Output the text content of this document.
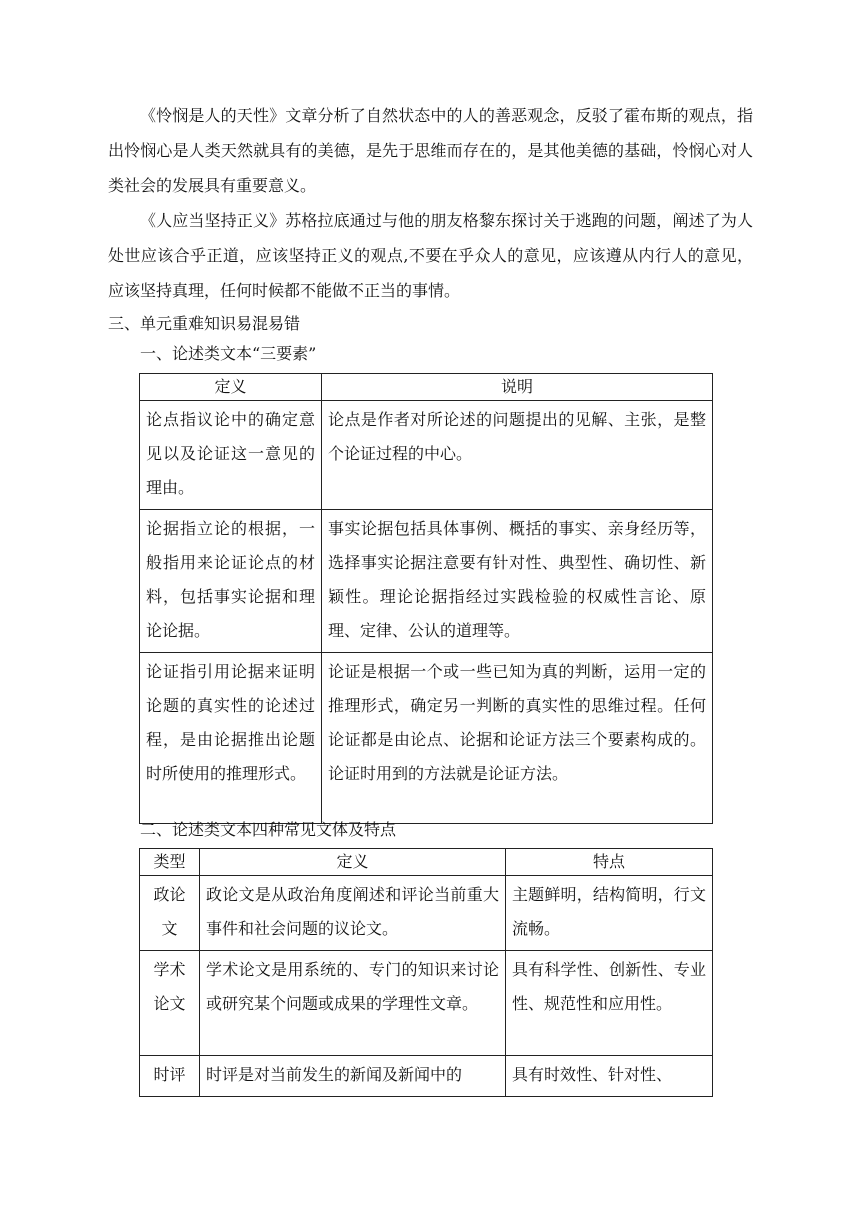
《怜悯是人的天性》文章分析了自然状态中的人的善恶观念，反驳了霍布斯的观点，指出怜悯心是人类天然就具有的美德，是先于思维而存在的，是其他美德的基础，怜悯心对人类社会的发展具有重要意义。

《人应当坚持正义》苏格拉底通过与他的朋友格黎东探讨关于逃跑的问题，阐述了为人处世应该合乎正道，应该坚持正义的观点,不要在乎众人的意见，应该遵从内行人的意见，应该坚持真理，任何时候都不能做不正当的事情。

三、单元重难知识易混易错

一、论述类文本“三要素”

定义	说明
论点指议论中的确定意见以及论证这一意见的理由。	论点是作者对所论述的问题提出的见解、主张，是整个论证过程的中心。
论据指立论的根据，一般指用来论证论点的材料，包括事实论据和理论论据。	事实论据包括具体事例、概括的事实、亲身经历等，选择事实论据注意要有针对性、典型性、确切性、新颖性。理论论据指经过实践检验的权威性言论、原理、定律、公认的道理等。
论证指引用论据来证明论题的真实性的论述过程，是由论据推出论题时所使用的推理形式。	论证是根据一个或一些已知为真的判断，运用一定的推理形式，确定另一判断的真实性的思维过程。任何论证都是由论点、论据和论证方法三个要素构成的。论证时用到的方法就是论证方法。

二、论述类文本四种常见文体及特点

类型	定义	特点
政论文	政论文是从政治角度阐述和评论当前重大事件和社会问题的议论文。	主题鲜明，结构简明，行文流畅。
学术论文	学术论文是用系统的、专门的知识来讨论或研究某个问题或成果的学理性文章。	具有科学性、创新性、专业性、规范性和应用性。
时评	时评是对当前发生的新闻及新闻中的	具有时效性、针对性、
